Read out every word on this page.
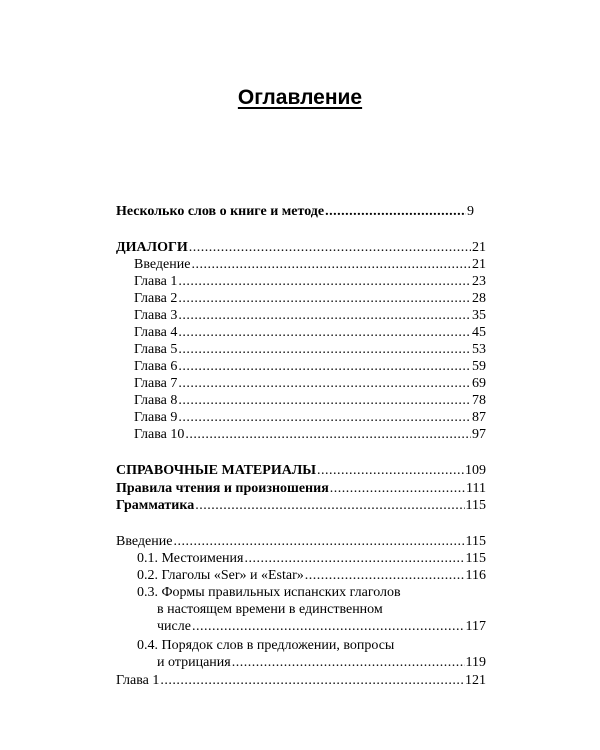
Оглавление
Несколько слов о книге и методе .....	9
ДИАЛОГИ .....	21
Введение .....	21
Глава 1 .....	23
Глава 2 .....	28
Глава 3 .....	35
Глава 4 .....	45
Глава 5 .....	53
Глава 6 .....	59
Глава 7 .....	69
Глава 8 .....	78
Глава 9 .....	87
Глава 10 .....	97
СПРАВОЧНЫЕ МАТЕРИАЛЫ .....	109
Правила чтения и произношения .....	111
Грамматика .....	115
Введение .....	115
0.1. Местоимения .....	115
0.2. Глаголы «Ser» и «Estar» .....	116
0.3. Формы правильных испанских глаголов
в настоящем времени в единственном
числе .....	117
0.4. Порядок слов в предложении, вопросы
и отрицания .....	119
Глава 1 .....	121
